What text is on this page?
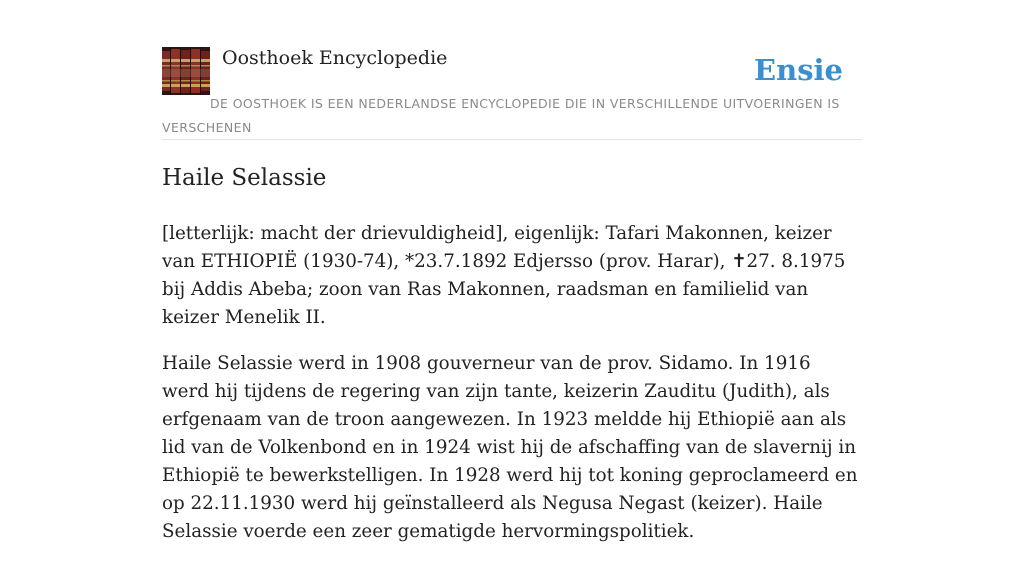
Oosthoek Encyclopedie	Ensie
DE OOSTHOEK IS EEN NEDERLANDSE ENCYCLOPEDIE DIE IN VERSCHILLENDE UITVOERINGEN IS VERSCHENEN
Haile Selassie

[letterlijk: macht der drievuldigheid], eigenlijk: Tafari Makonnen, keizer van ETHIOPIË (1930-74), *23.7.1892 Edjersso (prov. Harar), ✝27. 8.1975 bij Addis Abeba; zoon van Ras Makonnen, raadsman en familielid van keizer Menelik II.

Haile Selassie werd in 1908 gouverneur van de prov. Sidamo. In 1916 werd hij tijdens de regering van zijn tante, keizerin Zauditu (Judith), als erfgenaam van de troon aangewezen. In 1923 meldde hij Ethiopië aan als lid van de Volkenbond en in 1924 wist hij de afschaffing van de slavernij in Ethiopië te bewerkstelligen. In 1928 werd hij tot koning geproclameerd en op 22.11.1930 werd hij geïnstalleerd als Negusa Negast (keizer). Haile Selassie voerde een zeer gematigde hervormingspolitiek.
